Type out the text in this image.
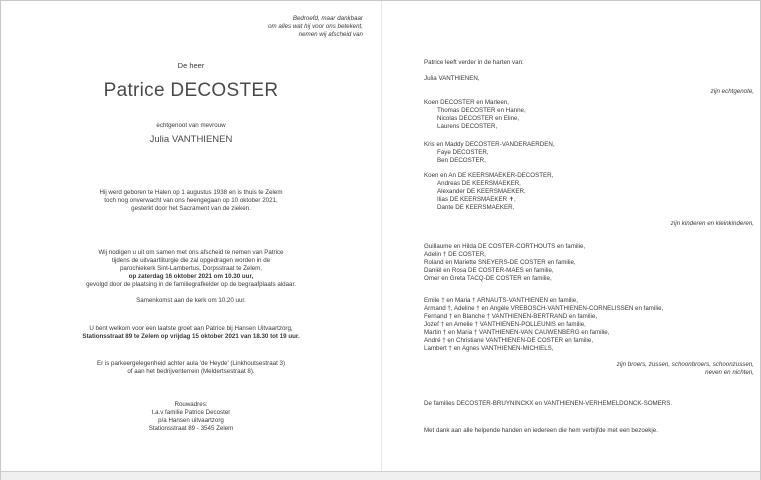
Bedroefd, maar dankbaar
om alles wat hij voor ons betekent,
nemen wij afscheid van
De heer
Patrice DECOSTER
echtgenoot van mevrouw
Julia VANTHIENEN
Hij werd geboren te Halen op 1 augustus 1938 en is thuis te Zelem
toch nog onverwacht van ons heengegaan op 10 oktober 2021,
gesterkt door het Sacrament van de zieken.
Wij nodigen u uit om samen met ons afscheid te nemen van Patrice
tijdens de uitvaartliturgie die zal opgedragen worden in de
parochiekerk Sint-Lambertus, Dorpsstraat te Zelem,
op zaterdag 16 oktober 2021 om 10.30 uur,
gevolgd door de plaatsing in de familiegrafkelder op de begraafplaats aldaar.
Samenkomst aan de kerk om 10.20 uur.
U bent welkom voor een laatste groet aan Patrice bij Hansen Uitvaartzorg,
Stationsstraat 89 te Zelem op vrijdag 15 oktober 2021 van 18.30 tot 19 uur.
Er is parkeergelegenheid achter aula 'de Heyde' (Linkhoutsestraat 3)
of aan het bedrijventerrein (Meldertsestraat 8).
Rouwadres:
t.a.v familie Patrice Decoster
p/a Hansen uitvaartzorg
Stationsstraat 89 - 3545 Zelem
Patrice leeft verder in de harten van:
Julia VANTHIENEN,
zijn echtgenote,
Koen DECOSTER en Marleen,
Thomas DECOSTER en Hanne,
Nicolas DECOSTER en Eline,
Laurens DECOSTER,
Kris en Maddy DECOSTER-VANDERAERDEN,
Faye DECOSTER,
Ben DECOSTER,
Koen en An DE KEERSMAEKER-DECOSTER,
Andreas DE KEERSMAEKER,
Alexander DE KEERSMAEKER,
Ilias DE KEERSMAEKER ✝,
Dante DE KEERSMAEKER,
zijn kinderen en kleinkinderen,
Guillaume en Hilda DE COSTER-CORTHOUTS en familie,
Adelin † DE COSTER,
Roland en Mariette SNEYERS-DE COSTER en familie,
Daniël en Rosa DE COSTER-MAES en familie,
Omer en Greta TACQ-DE COSTER en familie,
Emile † en Maria † ARNAUTS-VANTHIENEN en familie,
Armand †, Adeline † en Angèle VREBOSCH-VANTHIENEN-CORNELISSEN en familie,
Fernand † en Blanche † VANTHIENEN-BERTRAND en familie,
Jozef † en Amelie † VANTHIENEN-POLLEUNIS en familie,
Martin † en Maria † VANTHIENEN-VAN CAUWENBERG en familie,
André † en Christiane VANTHIENEN-DE COSTER en familie,
Lambert † en Agnes VANTHIENEN-MICHIELS,
zijn broers, zussen, schoonbroers, schoonzussen,
neven en nichten,
De families DECOSTER-BRUYNINCKX en VANTHIENEN-VERHEMELDONCK-SOMERS.
Met dank aan alle helpende handen en iedereen die hem verbijfde met een bezoekje.
